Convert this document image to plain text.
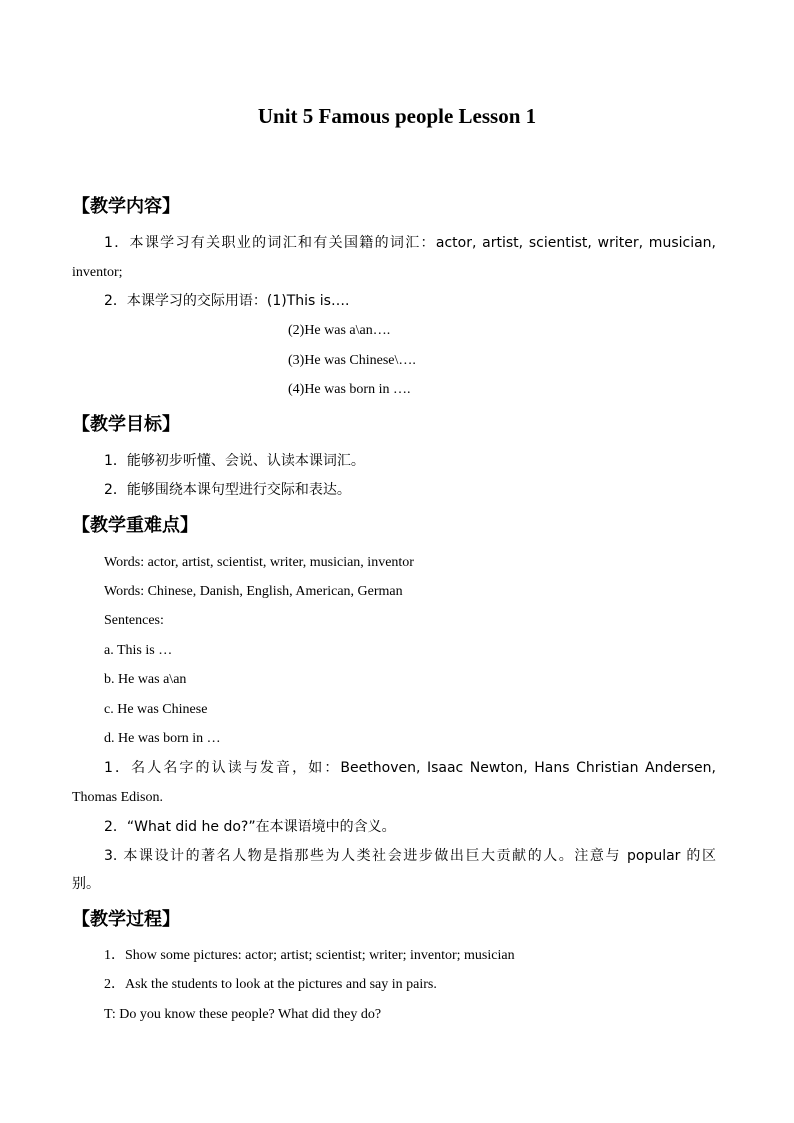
Unit 5 Famous people Lesson 1
【教学内容】
1．本课学习有关职业的词汇和有关国籍的词汇：actor, artist, scientist, writer, musician,
inventor;
2．本课学习的交际用语：(1)This is….
(2)He was a\an….
(3)He was Chinese\….
(4)He was born in ….
【教学目标】
1．能够初步听懂、会说、认读本课词汇。
2．能够围绕本课句型进行交际和表达。
【教学重难点】
Words: actor, artist, scientist, writer, musician, inventor
Words: Chinese, Danish, English, American, German
Sentences:
a. This is …
b. He was a\an
c. He was Chinese
d. He was born in …
1．名人名字的认读与发音，如：Beethoven, Isaac Newton, Hans Christian Andersen,
Thomas Edison.
2．“What did he do?”在本课语境中的含义。
3. 本课设计的著名人物是指那些为人类社会进步做出巨大贡献的人。注意与 popular 的区
别。
【教学过程】
1．Show some pictures: actor; artist; scientist; writer; inventor; musician
2．Ask the students to look at the pictures and say in pairs.
T: Do you know these people? What did they do?
